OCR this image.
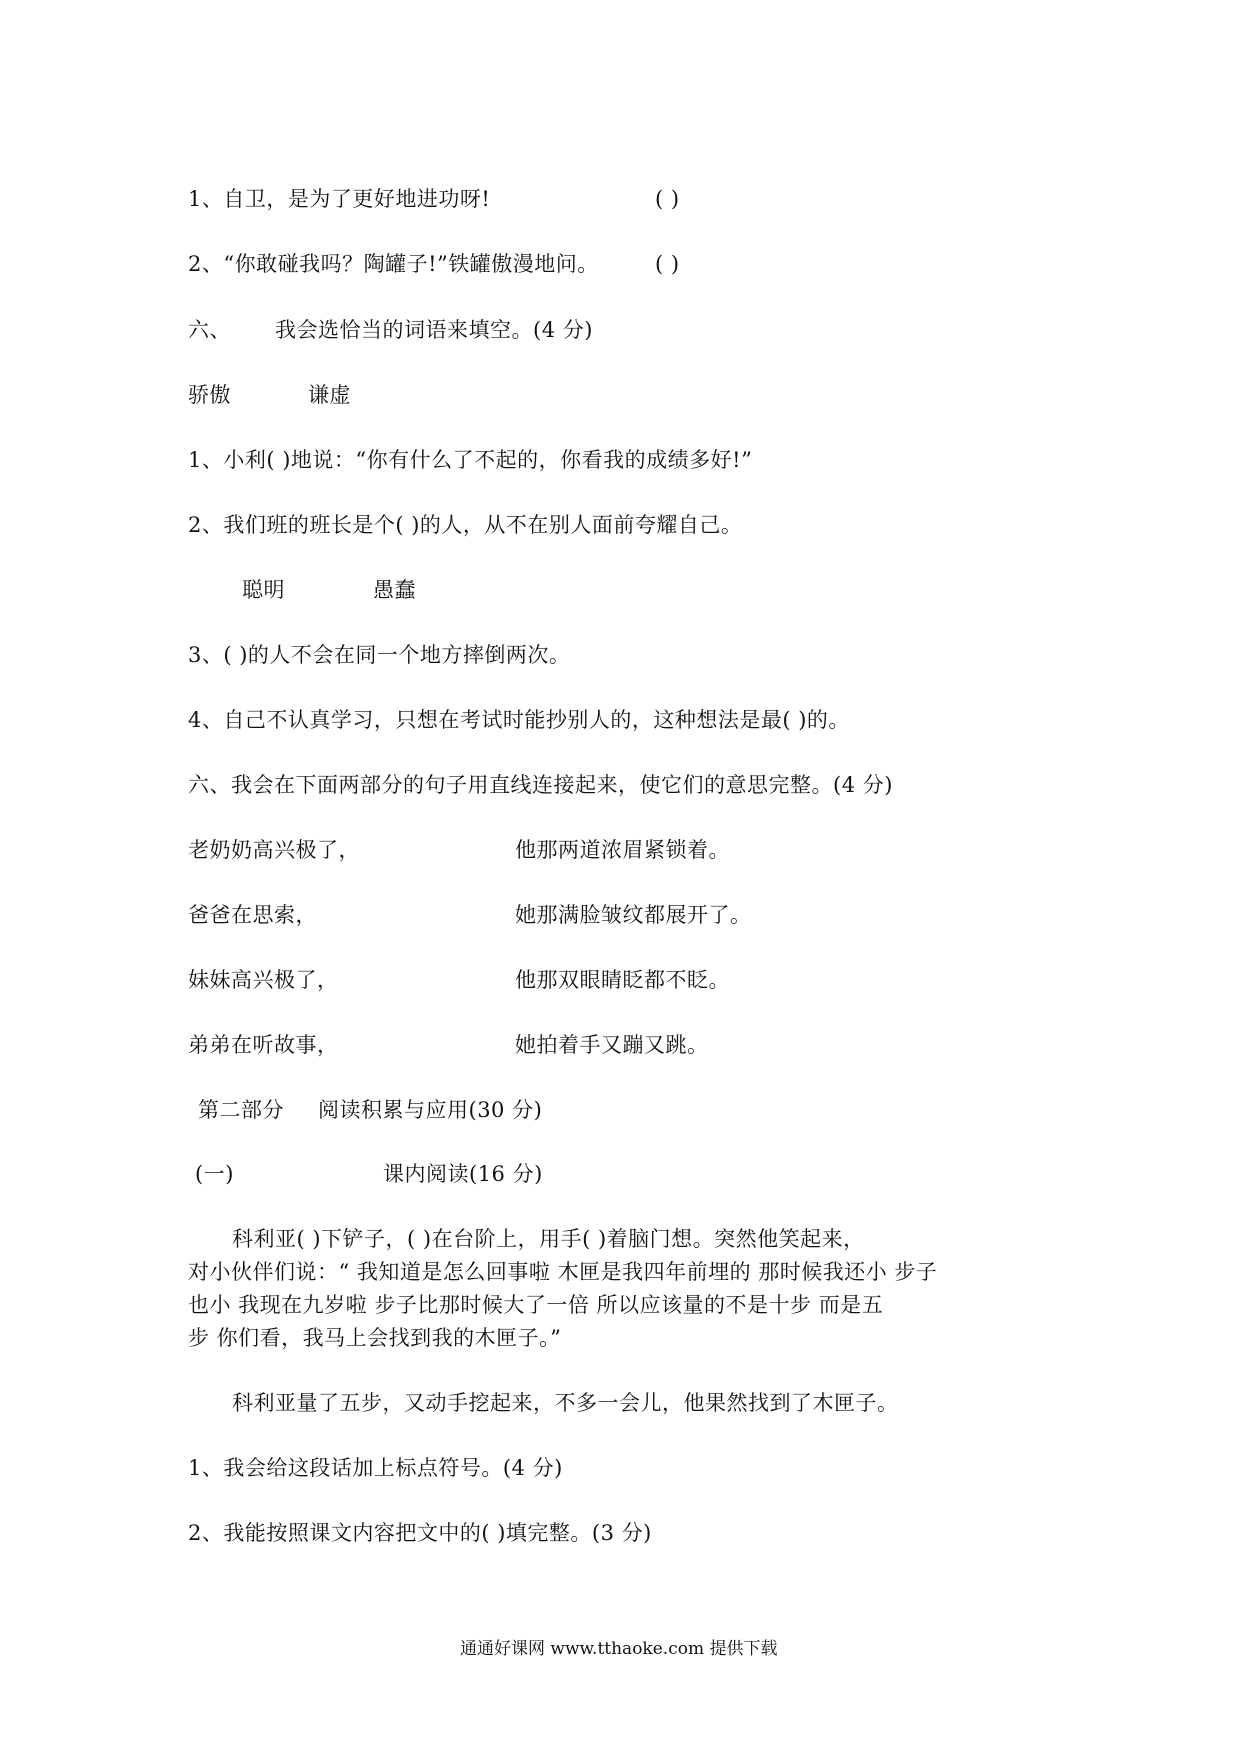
1、自卫，是为了更好地进功呀!	( )
2、“你敢碰我吗？陶罐子!”铁罐傲漫地问。	( )
六、 我会选恰当的词语来填空。(4 分)
骄傲	谦虚
1、小利( )地说：“你有什么了不起的，你看我的成绩多好!”
2、我们班的班长是个( )的人，从不在别人面前夸耀自己。
聪明	愚蠢
3、( )的人不会在同一个地方摔倒两次。
4、自己不认真学习，只想在考试时能抄别人的，这种想法是最( )的。
六、我会在下面两部分的句子用直线连接起来，使它们的意思完整。(4 分)
老奶奶高兴极了，	他那两道浓眉紧锁着。
爸爸在思索，	她那满脸皱纹都展开了。
妹妹高兴极了，	他那双眼睛眨都不眨。
弟弟在听故事，	她拍着手又蹦又跳。
第二部分 阅读积累与应用(30 分)
(一)	课内阅读(16 分)
科利亚( )下铲子，( )在台阶上，用手( )着脑门想。突然他笑起来，
对小伙伴们说：“ 我知道是怎么回事啦 木匣是我四年前埋的 那时候我还小 步子
也小 我现在九岁啦 步子比那时候大了一倍 所以应该量的不是十步 而是五
步 你们看，我马上会找到我的木匣子。”
科利亚量了五步，又动手挖起来，不多一会儿，他果然找到了木匣子。
1、我会给这段话加上标点符号。(4 分)
2、我能按照课文内容把文中的( )填完整。(3 分)
通通好课网 www.tthaoke.com 提供下载
